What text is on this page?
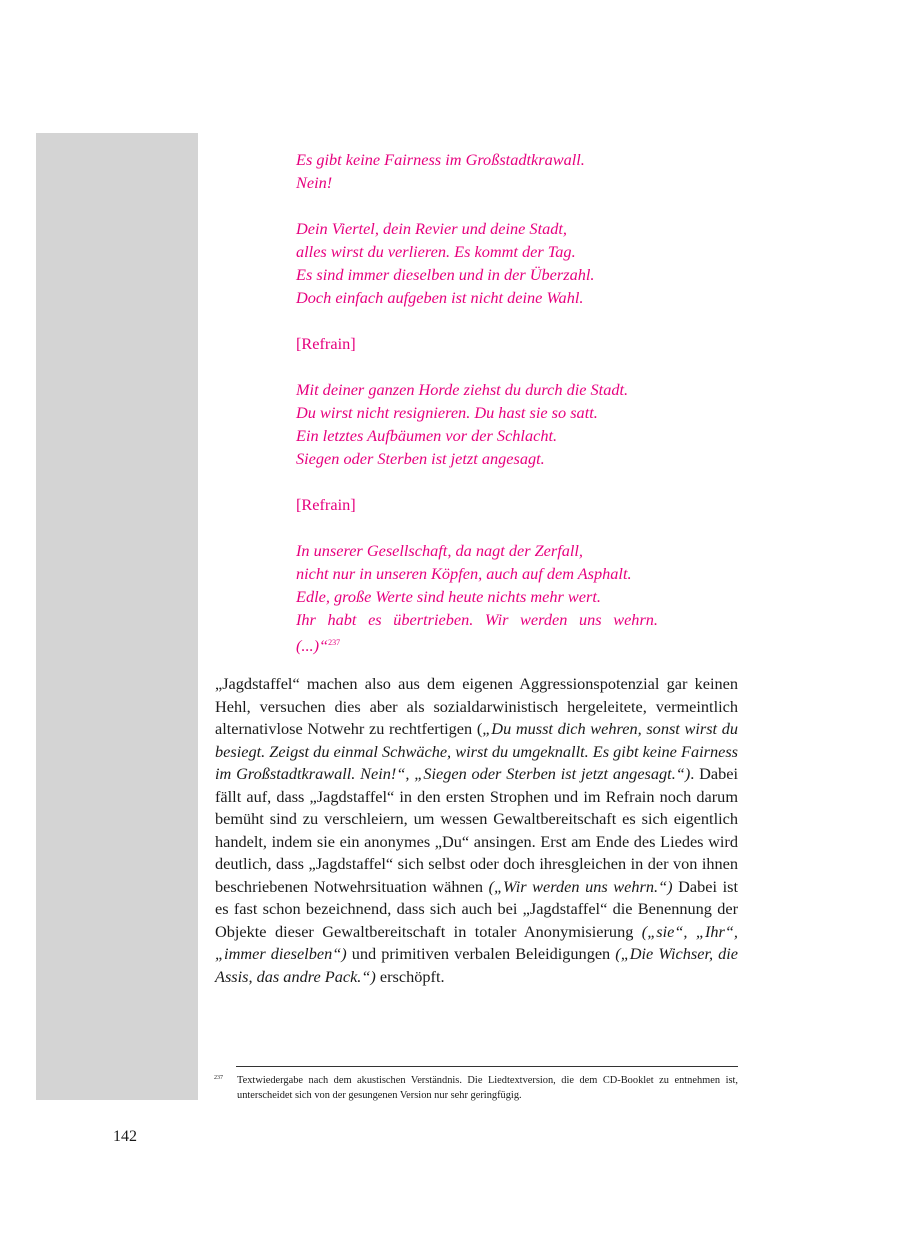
Es gibt keine Fairness im Großstadtkrawall.
Nein!
Dein Viertel, dein Revier und deine Stadt,
alles wirst du verlieren. Es kommt der Tag.
Es sind immer dieselben und in der Überzahl.
Doch einfach aufgeben ist nicht deine Wahl.
[Refrain]
Mit deiner ganzen Horde ziehst du durch die Stadt.
Du wirst nicht resignieren. Du hast sie so satt.
Ein letztes Aufbäumen vor der Schlacht.
Siegen oder Sterben ist jetzt angesagt.
[Refrain]
In unserer Gesellschaft, da nagt der Zerfall,
nicht nur in unseren Köpfen, auch auf dem Asphalt.
Edle, große Werte sind heute nichts mehr wert.
Ihr habt es übertrieben. Wir werden uns wehrn.
(...)“$^{237}$

„Jagdstaffel“ machen also aus dem eigenen Aggressionspotenzial gar keinen Hehl, versuchen dies aber als sozialdarwinistisch hergeleitete, vermeintlich alternativlose Notwehr zu rechtfertigen („Du musst dich wehren, sonst wirst du besiegt. Zeigst du einmal Schwäche, wirst du umgeknallt. Es gibt keine Fairness im Großstadtkrawall. Nein!“, „Siegen oder Sterben ist jetzt angesagt.“). Dabei fällt auf, dass „Jagdstaffel“ in den ersten Strophen und im Refrain noch darum bemüht sind zu verschleiern, um wessen Gewaltbereitschaft es sich eigentlich handelt, indem sie ein anonymes „Du“ ansingen. Erst am Ende des Liedes wird deutlich, dass „Jagdstaffel“ sich selbst oder doch ihresgleichen in der von ihnen beschriebenen Notwehrsituation wähnen („Wir werden uns wehrn.“) Dabei ist es fast schon bezeichnend, dass sich auch bei „Jagdstaffel“ die Benennung der Objekte dieser Gewaltbereitschaft in totaler Anonymisierung („sie“, „Ihr“, „immer dieselben“) und primitiven verbalen Beleidigungen („Die Wichser, die Assis, das andre Pack.“) erschöpft.

237 Textwiedergabe nach dem akustischen Verständnis. Die Liedtextversion, die dem CD-Booklet zu entnehmen ist, unterscheidet sich von der gesungenen Version nur sehr geringfügig.
142
